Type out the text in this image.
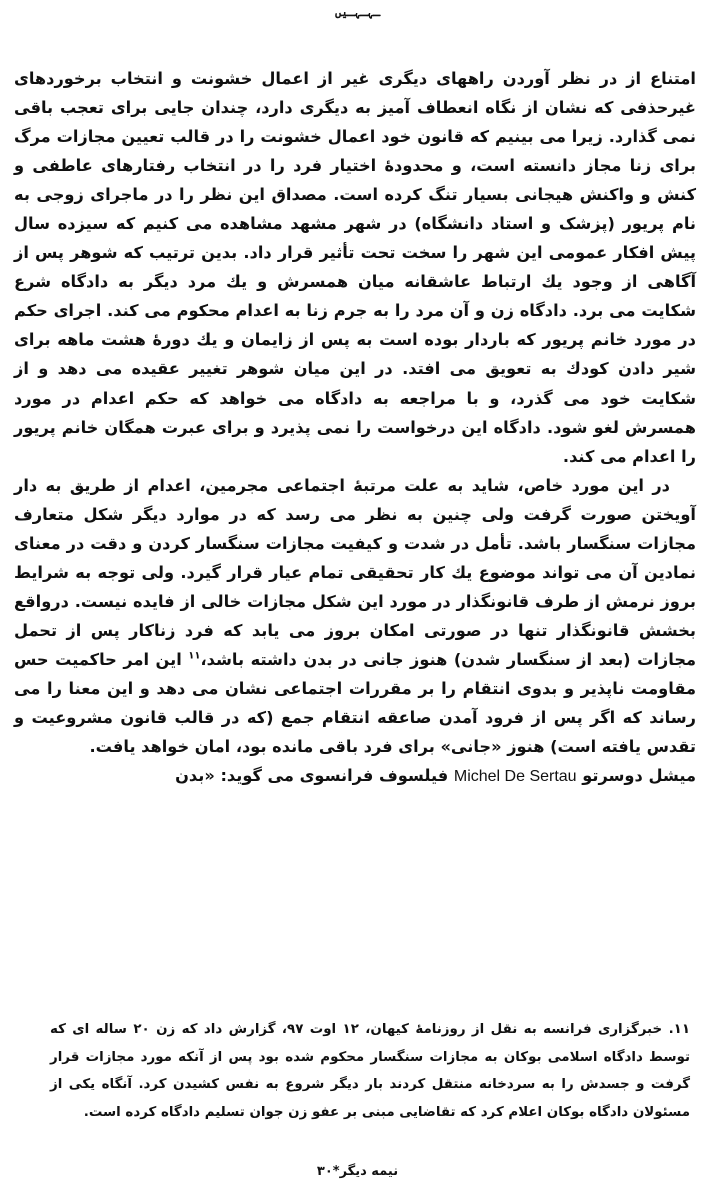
ـہـہـیں

امتناع از در نظر آوردن راههای دیگری غیر از اعمال خشونت و انتخاب برخوردهای غیرحذفی که نشان از نگاه انعطاف آمیز به دیگری دارد، چندان جایی برای تعجب باقی نمی گذارد. زیرا می بینیم که قانون خود اعمال خشونت را در قالب تعیین مجازات مرگ برای زنا مجاز دانسته است، و محدودهٔ اختیار فرد را در انتخاب رفتارهای عاطفی و کنش و واکنش هیجانی بسیار تنگ کرده است. مصداق این نظر را در ماجرای زوجی به نام پریور (پزشک و استاد دانشگاه) در شهر مشهد مشاهده می کنیم که سیزده سال پیش افکار عمومی این شهر را سخت تحت تأثیر قرار داد. بدین ترتیب که شوهر پس از آگاهی از وجود یك ارتباط عاشقانه میان همسرش و یك مرد دیگر به دادگاه شرع شکایت می برد. دادگاه زن و آن مرد را به جرم زنا به اعدام محکوم می کند. اجرای حکم در مورد خانم پریور که باردار بوده است به پس از زایمان و یك دورهٔ هشت ماهه برای شیر دادن کودك به تعویق می افتد. در این میان شوهر تغییر عقیده می دهد و از شکایت خود می گذرد، و با مراجعه به دادگاه می خواهد که حکم اعدام در مورد همسرش لغو شود. دادگاه این درخواست را نمی پذیرد و برای عبرت همگان خانم پریور را اعدام می کند.

در این مورد خاص، شاید به علت مرتبهٔ اجتماعی مجرمین، اعدام از طریق به دار آویختن صورت گرفت ولی چنین به نظر می رسد که در موارد دیگر شکل متعارف مجازات سنگسار باشد. تأمل در شدت و کیفیت مجازات سنگسار کردن و دقت در معنای نمادین آن می تواند موضوع یك کار تحقیقی تمام عیار قرار گیرد. ولی توجه به شرایط بروز نرمش از طرف قانونگذار در مورد این شکل مجازات خالی از فایده نیست. درواقع بخشش قانونگذار تنها در صورتی امکان بروز می یابد که فرد زناکار پس از تحمل مجازات (بعد از سنگسار شدن) هنوز جانی در بدن داشته باشد،$^{۱۱}$ این امر حاکمیت حس مقاومت ناپذیر و بدوی انتقام را بر مقررات اجتماعی نشان می دهد و این معنا را می رساند که اگر پس از فرود آمدن صاعقه انتقام جمع (که در قالب قانون مشروعیت و تقدس یافته است) هنوز «جانی» برای فرد باقی مانده بود، امان خواهد یافت.

میشل دوسرتو Michel De Sertau فیلسوف فرانسوی می گوید: «بدن

۱۱. خبرگزاری فرانسه به نقل از روزنامهٔ کیهان، ۱۲ اوت ۹۷، گزارش داد که زن ۲۰ ساله ای که توسط دادگاه اسلامی بوکان به مجازات سنگسار محکوم شده بود پس از آنکه مورد مجازات قرار گرفت و جسدش را به سردخانه منتقل کردند بار دیگر شروع به نفس کشیدن کرد. آنگاه یکی از مسئولان دادگاه بوکان اعلام کرد که تقاضایی مبنی بر عفو زن جوان تسلیم دادگاه کرده است.
نیمه دیگر*۳۰
